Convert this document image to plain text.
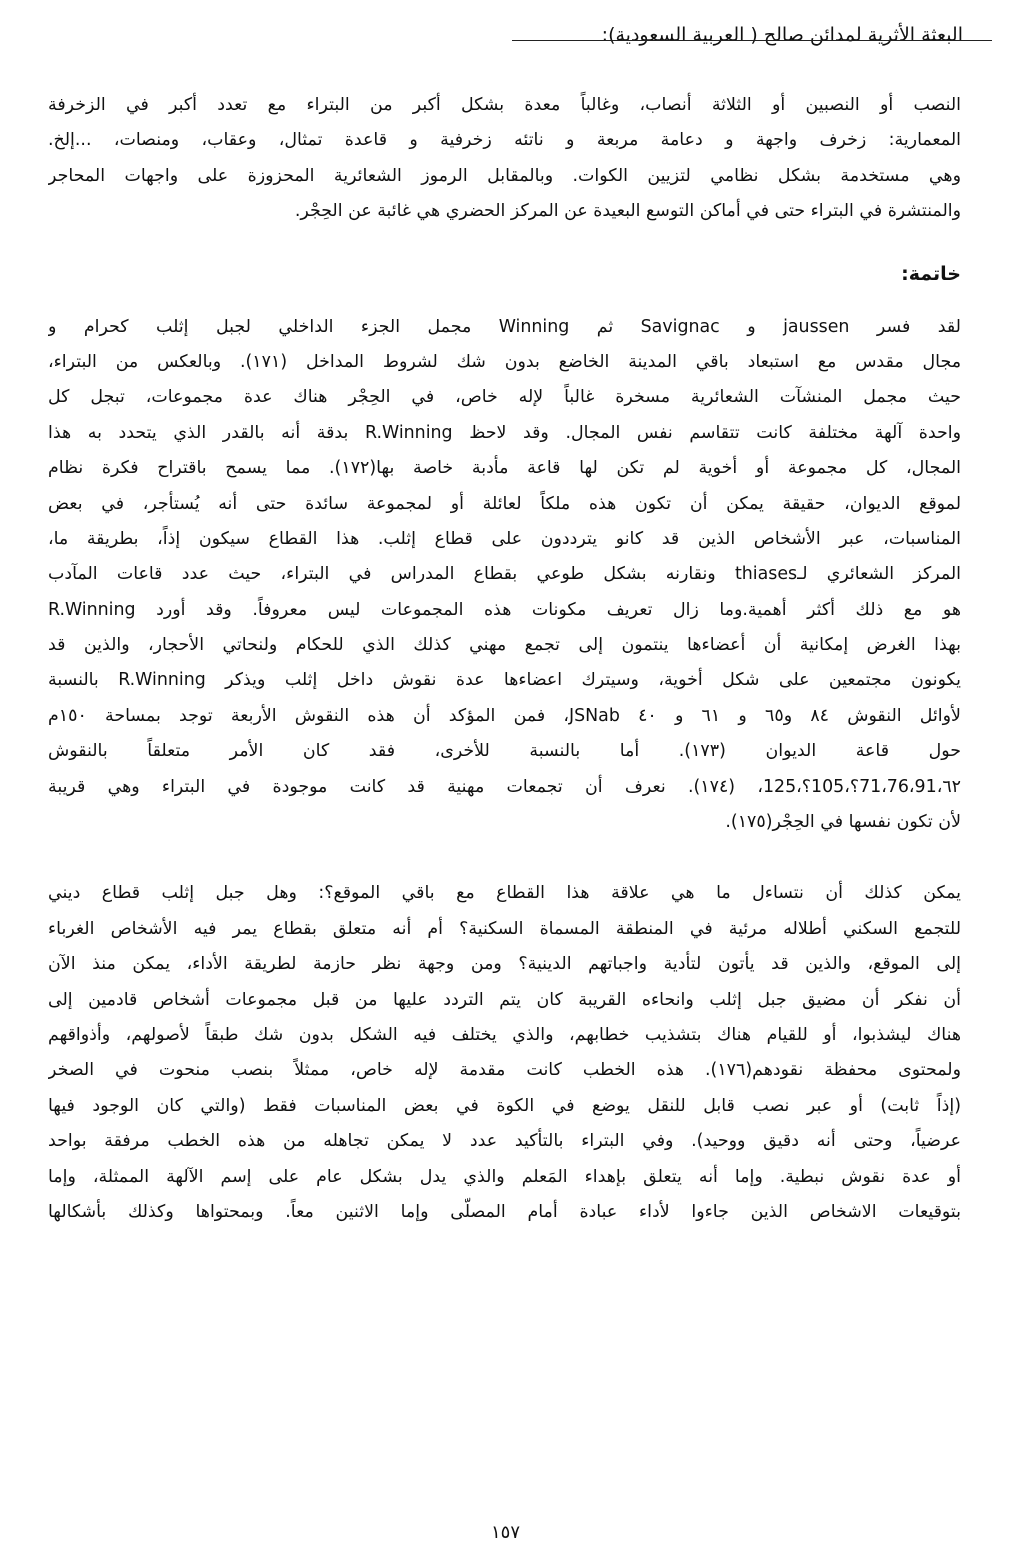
البعثة الأثرية لمدائن صالح ( العربية السعودية):

النصب أو النصبين أو الثلاثة أنصاب، وغالباً معدة بشكل أكبر من البتراء مع تعدد أكبر في الزخرفة

المعمارية: زخرف واجهة و دعامة مربعة و ناتئه زخرفية و قاعدة تمثال، وعقاب، ومنصات، ...إلخ.

وهي مستخدمة بشكل نظامي لتزيين الكوات. وبالمقابل الرموز الشعائرية المحزوزة على واجهات المحاجر

والمنتشرة في البتراء حتى في أماكن التوسع البعيدة عن المركز الحضري هي غائبة عن الحِجْر.

خاتمة:

لقد فسر jaussen و Savignac ثم Winning مجمل الجزء الداخلي لجبل إثلب كحرام و

مجال مقدس مع استبعاد باقي المدينة الخاضع بدون شك لشروط المداخل (١٧١). وبالعكس من البتراء،

حيث مجمل المنشآت الشعائرية مسخرة غالباً لإله خاص، في الحِجْر هناك عدة مجموعات، تبجل كل

واحدة آلهة مختلفة كانت تتقاسم نفس المجال. وقد لاحظ R.Winning بدقة أنه بالقدر الذي يتحدد به هذا

المجال، كل مجموعة أو أخوية لم تكن لها قاعة مأدبة خاصة بها(١٧٢). مما يسمح باقتراح فكرة نظام

لموقع الديوان، حقيقة يمكن أن تكون هذه ملكاً لعائلة أو لمجموعة سائدة حتى أنه يُستأجر، في بعض

المناسبات، عبر الأشخاص الذين قد كانو يترددون على قطاع إثلب. هذا القطاع سيكون إذاً، بطريقة ما،

المركز الشعائري لـthiases ونقارنه بشكل طوعي بقطاع المدراس في البتراء، حيث عدد قاعات المآدب

هو مع ذلك أكثر أهمية.وما زال تعريف مكونات هذه المجموعات ليس معروفاً. وقد أورد R.Winning

بهذا الغرض إمكانية أن أعضاءها ينتمون إلى تجمع مهني كذلك الذي للحكام ولنحاتي الأحجار، والذين قد

يكونون مجتمعين على شكل أخوية، وسيترك اعضاءها عدة نقوش داخل إثلب ويذكر R.Winning بالنسبة

لأوائل النقوش ٨٤ و٦٥ و ٦١ و ٤٠ JSNab، فمن المؤكد أن هذه النقوش الأربعة توجد بمساحة ١٥٠م

حول قاعة الديوان (١٧٣). أما بالنسبة للأخرى، فقد كان الأمر متعلقاً بالنقوش

٦٢،71،76،91؟،105؟،125، (١٧٤). نعرف أن تجمعات مهنية قد كانت موجودة في البتراء وهي قريبة

لأن تكون نفسها في الحِجْر(١٧٥).

يمكن كذلك أن نتساءل ما هي علاقة هذا القطاع مع باقي الموقع؟: وهل جبل إثلب قطاع ديني

للتجمع السكني أطلاله مرئية في المنطقة المسماة السكنية؟ أم أنه متعلق بقطاع يمر فيه الأشخاص الغرباء

إلى الموقع، والذين قد يأتون لتأدية واجباتهم الدينية؟ ومن وجهة نظر حازمة لطريقة الأداء، يمكن منذ الآن

أن نفكر أن مضيق جبل إثلب وانحاءه القريبة كان يتم التردد عليها من قبل مجموعات أشخاص قادمين إلى

هناك ليشذبوا، أو للقيام هناك بتشذيب خطابهم، والذي يختلف فيه الشكل بدون شك طبقاً لأصولهم، وأذواقهم

ولمحتوى محفظة نقودهم(١٧٦). هذه الخطب كانت مقدمة لإله خاص، ممثلاً بنصب منحوت في الصخر

(إذاً ثابت) أو عبر نصب قابل للنقل يوضع في الكوة في بعض المناسبات فقط (والتي كان الوجود فيها

عرضياً، وحتى أنه دقيق ووحيد). وفي البتراء بالتأكيد عدد لا يمكن تجاهله من هذه الخطب مرفقة بواحد

أو عدة نقوش نبطية. وإما أنه يتعلق بإهداء المَعلم والذي يدل بشكل عام على إسم الآلهة الممثلة، وإما

بتوقيعات الاشخاص الذين جاءوا لأداء عبادة أمام المصلّى وإما الاثنين معاً. وبمحتواها وكذلك بأشكالها

١٥٧
